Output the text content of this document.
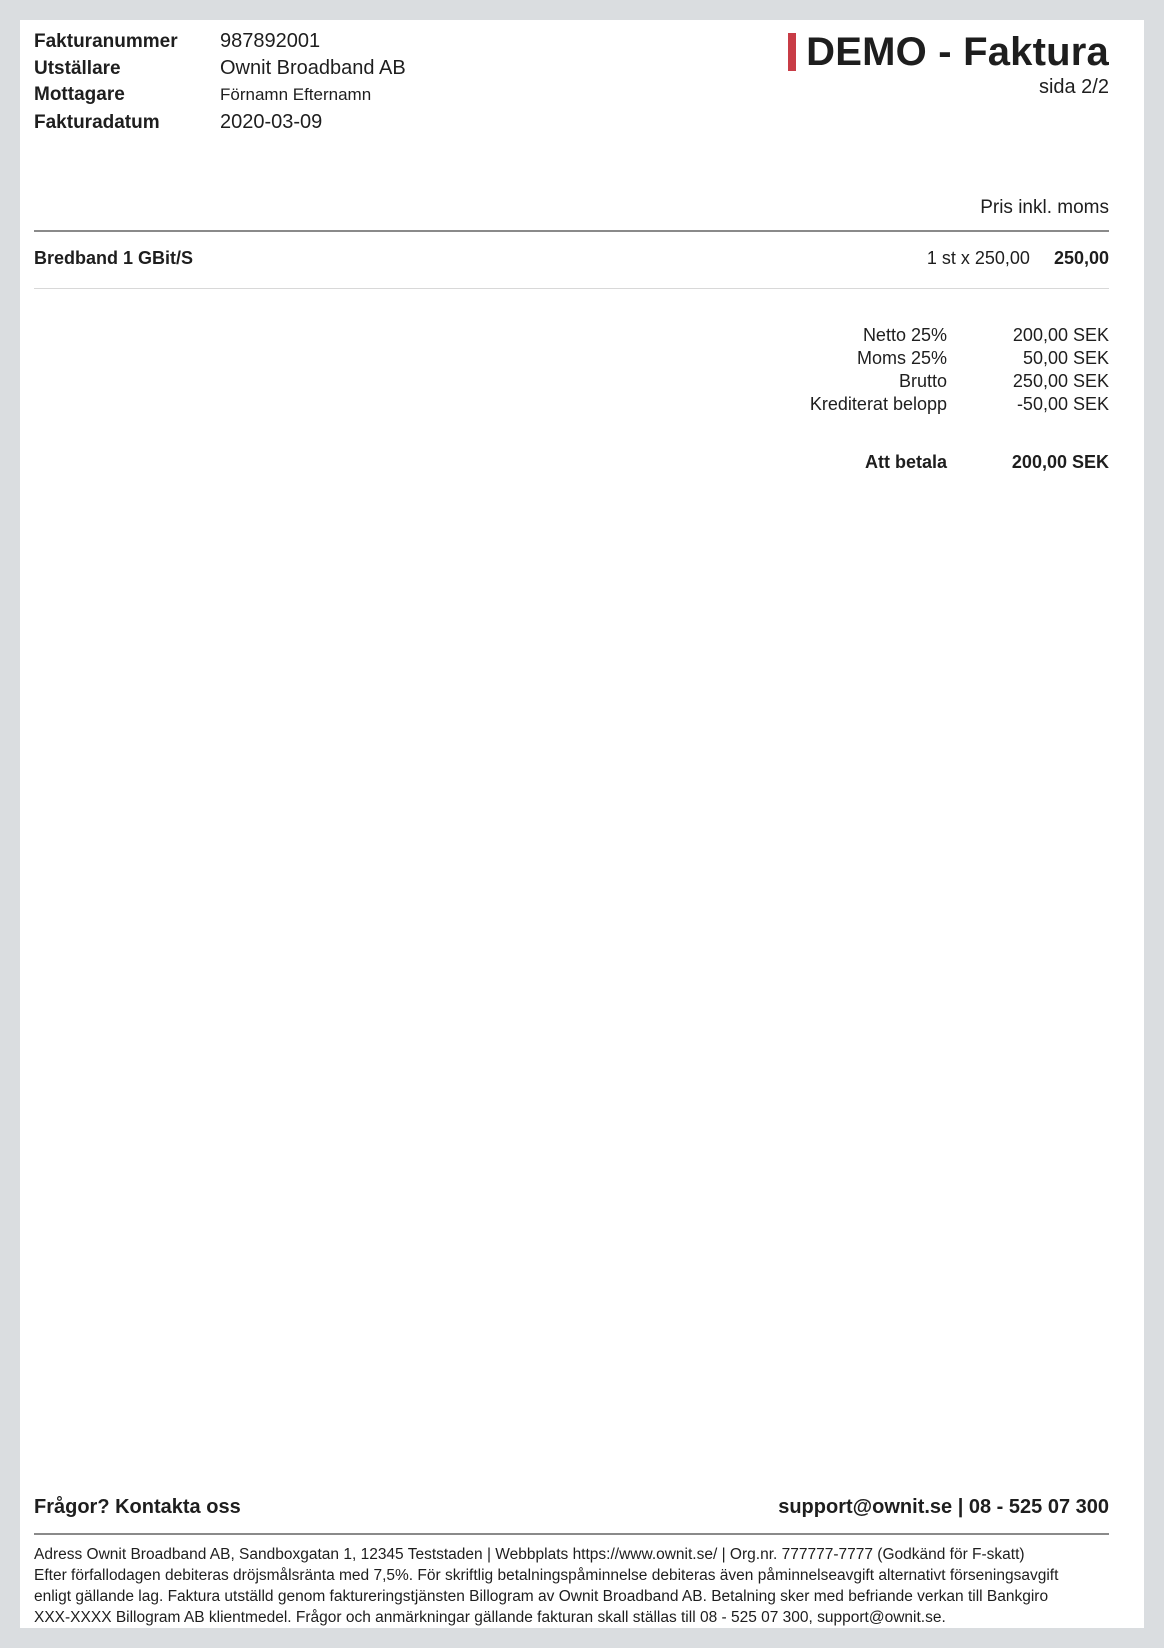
Fakturanummer	987892001
Utställare	Ownit Broadband AB
Mottagare	Förnamn Efternamn
Fakturadatum	2020-03-09
DEMO - Faktura
sida 2/2
Pris inkl. moms
Bredband 1 GBit/S	1 st x 250,00 250,00
Netto 25%	200,00 SEK
Moms 25%	50,00 SEK
Brutto	250,00 SEK
Krediterat belopp	-50,00 SEK
Att betala	200,00 SEK
Frågor? Kontakta oss	support@ownit.se | 08 - 525 07 300
Adress Ownit Broadband AB, Sandboxgatan 1, 12345 Teststaden | Webbplats https://www.ownit.se/ | Org.nr. 777777-7777 (Godkänd för F-skatt)
Efter förfallodagen debiteras dröjsmålsränta med 7,5%. För skriftlig betalningspåminnelse debiteras även påminnelseavgift alternativt förseningsavgift
enligt gällande lag. Faktura utställd genom faktureringstjänsten Billogram av Ownit Broadband AB. Betalning sker med befriande verkan till Bankgiro
XXX-XXXX Billogram AB klientmedel. Frågor och anmärkningar gällande fakturan skall ställas till 08 - 525 07 300, support@ownit.se.
